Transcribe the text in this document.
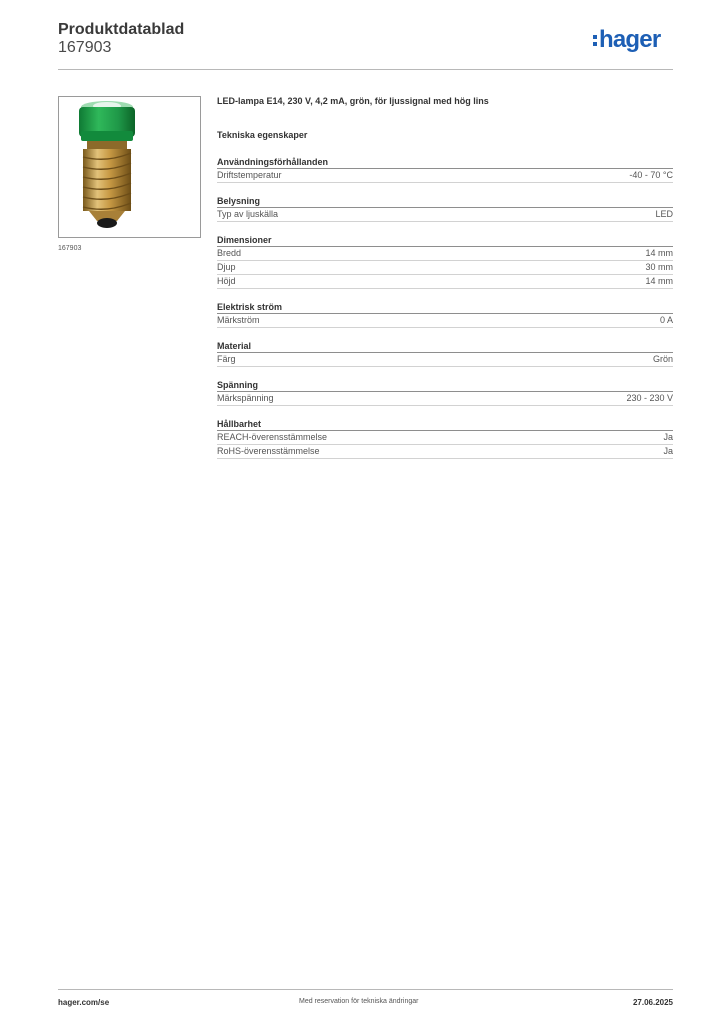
Produktdatablad
167903	hager
167903
LED-lampa E14, 230 V, 4,2 mA, grön, för ljussignal med hög lins
Tekniska egenskaper
Användningsförhållanden
Driftstemperatur	-40 - 70 °C
Belysning
Typ av ljuskälla	LED
Dimensioner
Bredd	14 mm
Djup	30 mm
Höjd	14 mm
Elektrisk ström
Märkström	0 A
Material
Färg	Grön
Spänning
Märkspänning	230 - 230 V
Hållbarhet
REACH-överensstämmelse	Ja
RoHS-överensstämmelse	Ja
hager.com/se	Med reservation för tekniska ändringar	27.06.2025
